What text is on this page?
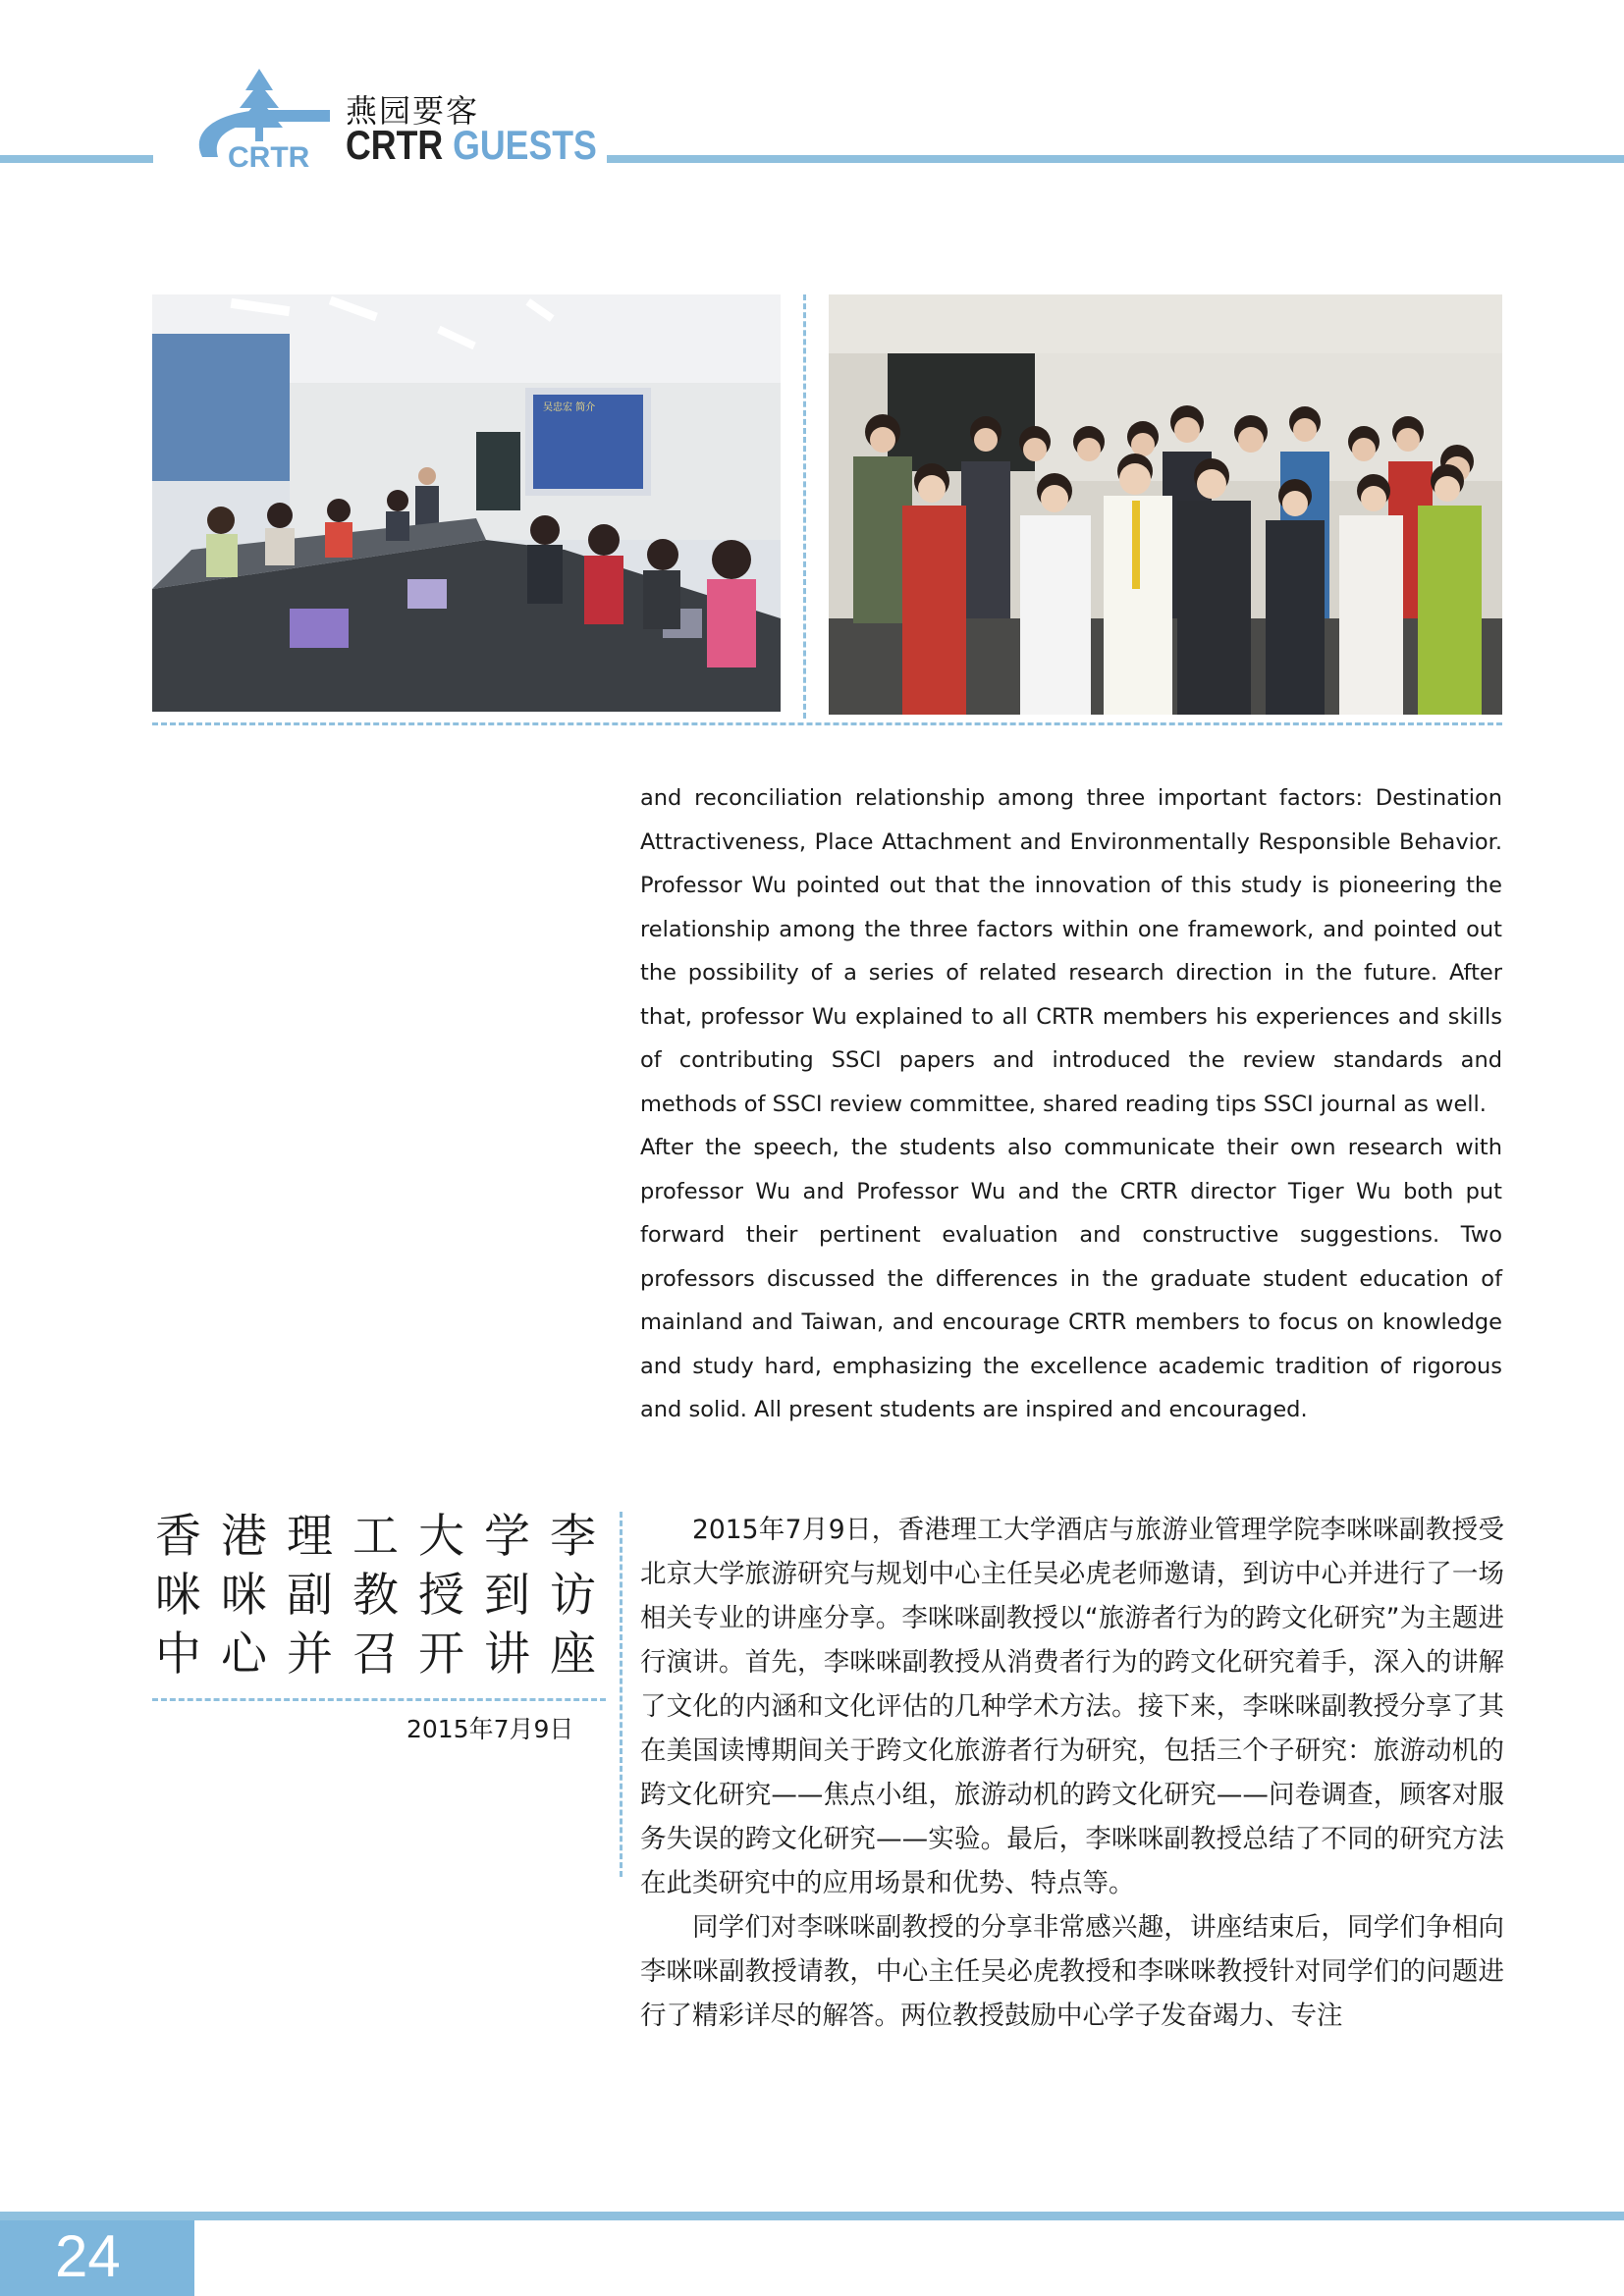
CRTR
燕园要客
CRTR GUESTS
吴忠宏 简介

and reconciliation relationship among three important factors: Destination Attractiveness, Place Attachment and Environmentally Responsible Behavior. Professor Wu pointed out that the innovation of this study is pioneering the relationship among the three factors within one framework, and pointed out the possibility of a series of related research direction in the future. After that, professor Wu explained to all CRTR members his experiences and skills of contributing SSCI papers and introduced the review standards and methods of SSCI review committee, shared reading tips SSCI journal as well.

After the speech, the students also communicate their own research with professor Wu and Professor Wu and the CRTR director Tiger Wu both put forward their pertinent evaluation and constructive suggestions. Two professors discussed the differences in the graduate student education of mainland and Taiwan, and encourage CRTR members to focus on knowledge and study hard, emphasizing the excellence academic tradition of rigorous and solid. All present students are inspired and encouraged.

香港理工大学李
咪咪副教授到访
中心并召开讲座
2015年7月9日

2015年7月9日，香港理工大学酒店与旅游业管理学院李咪咪副教授受北京大学旅游研究与规划中心主任吴必虎老师邀请，到访中心并进行了一场相关专业的讲座分享。李咪咪副教授以“旅游者行为的跨文化研究”为主题进行演讲。首先，李咪咪副教授从消费者行为的跨文化研究着手，深入的讲解了文化的内涵和文化评估的几种学术方法。接下来，李咪咪副教授分享了其在美国读博期间关于跨文化旅游者行为研究，包括三个子研究：旅游动机的跨文化研究——焦点小组，旅游动机的跨文化研究——问卷调查，顾客对服务失误的跨文化研究——实验。最后，李咪咪副教授总结了不同的研究方法在此类研究中的应用场景和优势、特点等。

同学们对李咪咪副教授的分享非常感兴趣，讲座结束后，同学们争相向李咪咪副教授请教，中心主任吴必虎教授和李咪咪教授针对同学们的问题进行了精彩详尽的解答。两位教授鼓励中心学子发奋竭力、专注

24
